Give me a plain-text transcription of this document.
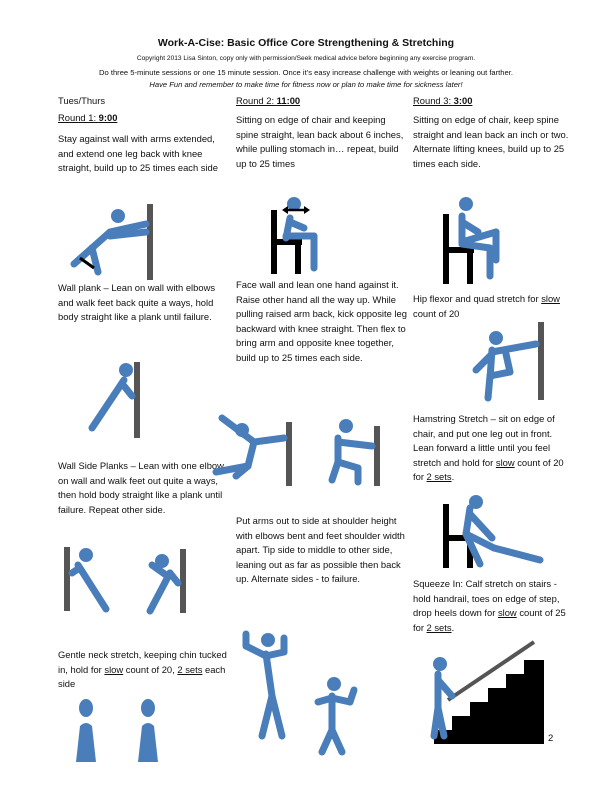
Work-A-Cise: Basic Office Core Strengthening & Stretching
Copyright 2013 Lisa Sinton, copy only with permission/Seek medical advice before beginning any exercise program.
Do three 5-minute sessions or one 15 minute session. Once it’s easy increase challenge with weights or leaning out farther.
Have Fun and remember to make time for fitness now or plan to make time for sickness later!
Tues/Thurs
Round 1: 9:00

Stay against wall with arms extended, and extend one leg back with knee straight, build up to 25 times each side

Wall plank – Lean on wall with elbows and walk feet back quite a ways, hold body straight like a plank until failure.

Wall Side Planks – Lean with one elbow on wall and walk feet out quite a ways, then hold body straight like a plank until failure. Repeat other side.

Gentle neck stretch, keeping chin tucked in, hold for slow count of 20, 2 sets each side

Round 2: 11:00

Sitting on edge of chair and keeping spine straight, lean back about 6 inches, while pulling stomach in… repeat, build up to 25 times

Face wall and lean one hand against it. Raise other hand all the way up. While pulling raised arm back, kick opposite leg backward with knee straight. Then flex to bring arm and opposite knee together, build up to 25 times each side.

Put arms out to side at shoulder height with elbows bent and feet shoulder width apart. Tip side to middle to other side, leaning out as far as possible then back up. Alternate sides - to failure.

Round 3: 3:00

Sitting on edge of chair, keep spine straight and lean back an inch or two. Alternate lifting knees, build up to 25 times each side.

Hip flexor and quad stretch for slow count of 20

Hamstring Stretch – sit on edge of chair, and put one leg out in front. Lean forward a little until you feel stretch and hold for slow count of 20 for 2 sets.

Squeeze In: Calf stretch on stairs - hold handrail, toes on edge of step, drop heels down for slow count of 25 for 2 sets.

2
